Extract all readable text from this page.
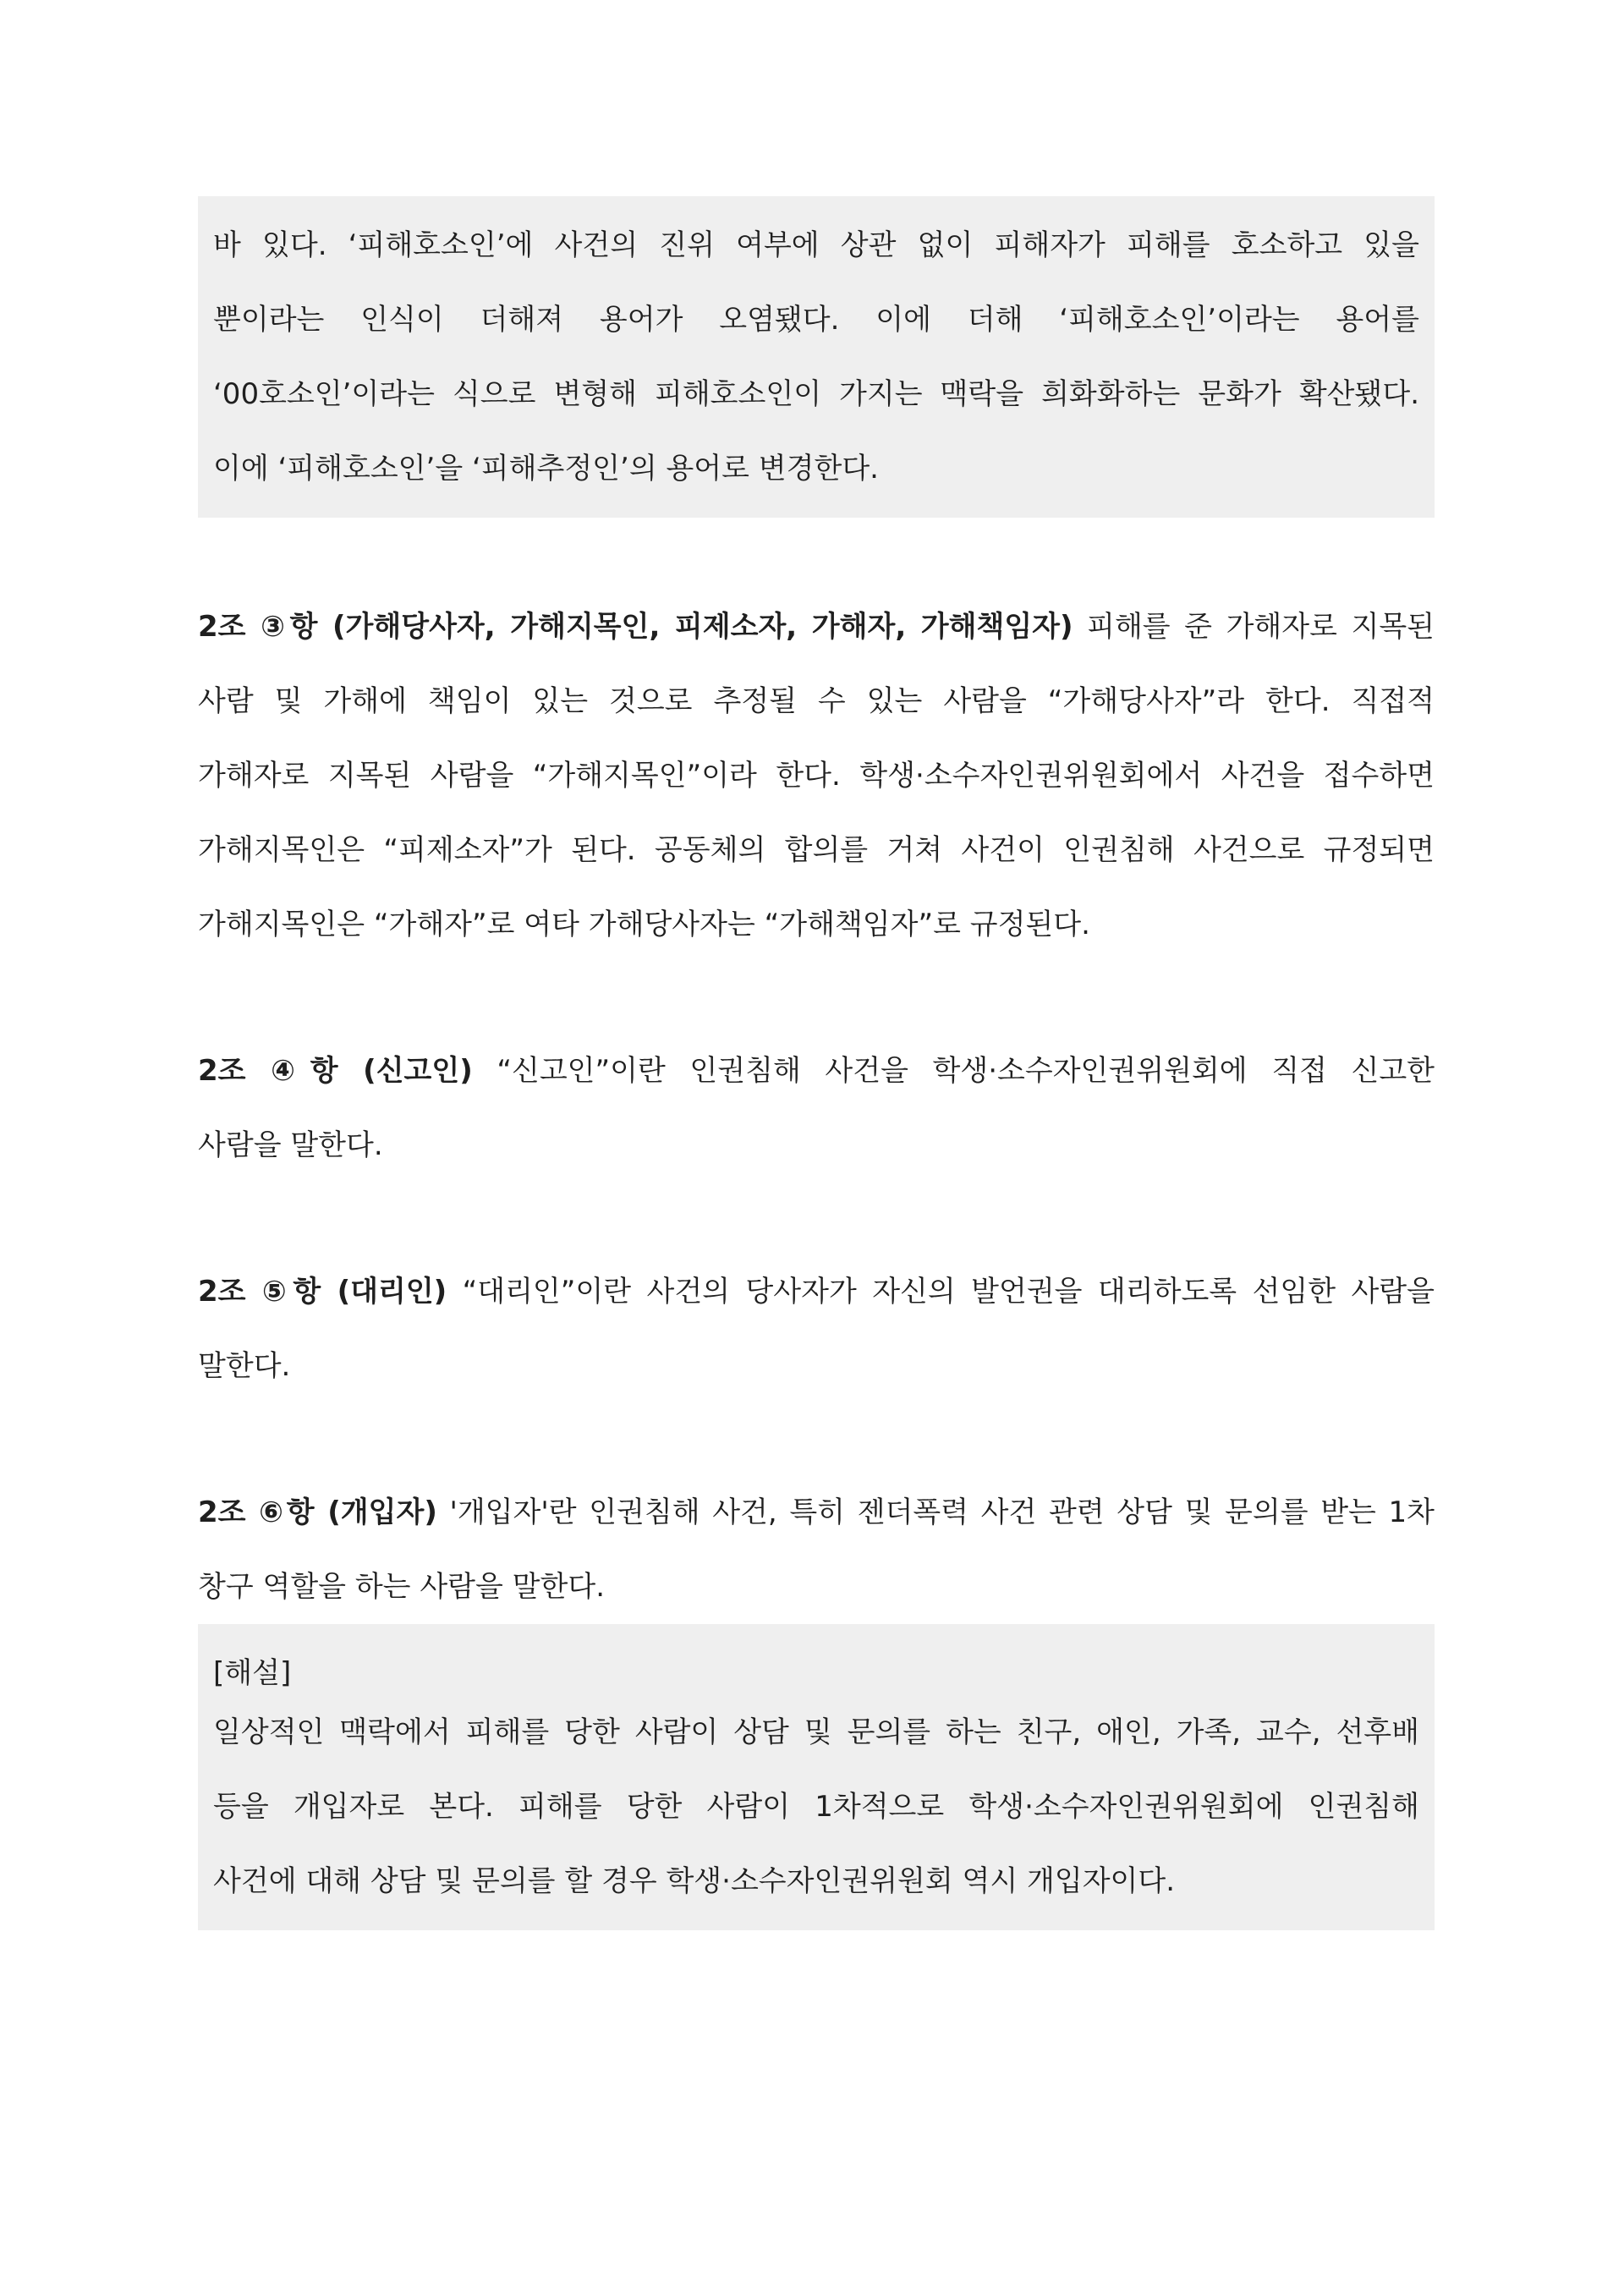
바 있다. ‘피해호소인’에 사건의 진위 여부에 상관 없이 피해자가 피해를 호소하고 있을
뿐이라는 인식이 더해져 용어가 오염됐다. 이에 더해 ‘피해호소인’이라는 용어를
‘00호소인’이라는 식으로 변형해 피해호소인이 가지는 맥락을 희화화하는 문화가 확산됐다.
이에 ‘피해호소인’을 ‘피해추정인’의 용어로 변경한다.
2조 ③항 (가해당사자, 가해지목인, 피제소자, 가해자, 가해책임자) 피해를 준 가해자로 지목된
사람 및 가해에 책임이 있는 것으로 추정될 수 있는 사람을 “가해당사자”라 한다. 직접적
가해자로 지목된 사람을 “가해지목인”이라 한다. 학생·소수자인권위원회에서 사건을 접수하면
가해지목인은 “피제소자”가 된다. 공동체의 합의를 거쳐 사건이 인권침해 사건으로 규정되면
가해지목인은 “가해자”로 여타 가해당사자는 “가해책임자”로 규정된다.
2조 ④항 (신고인) “신고인”이란 인권침해 사건을 학생·소수자인권위원회에 직접 신고한
사람을 말한다.
2조 ⑤항 (대리인) “대리인”이란 사건의 당사자가 자신의 발언권을 대리하도록 선임한 사람을
말한다.
2조 ⑥항 (개입자) '개입자'란 인권침해 사건, 특히 젠더폭력 사건 관련 상담 및 문의를 받는 1차
창구 역할을 하는 사람을 말한다.
[해설]
일상적인 맥락에서 피해를 당한 사람이 상담 및 문의를 하는 친구, 애인, 가족, 교수, 선후배
등을 개입자로 본다. 피해를 당한 사람이 1차적으로 학생·소수자인권위원회에 인권침해
사건에 대해 상담 및 문의를 할 경우 학생·소수자인권위원회 역시 개입자이다.
